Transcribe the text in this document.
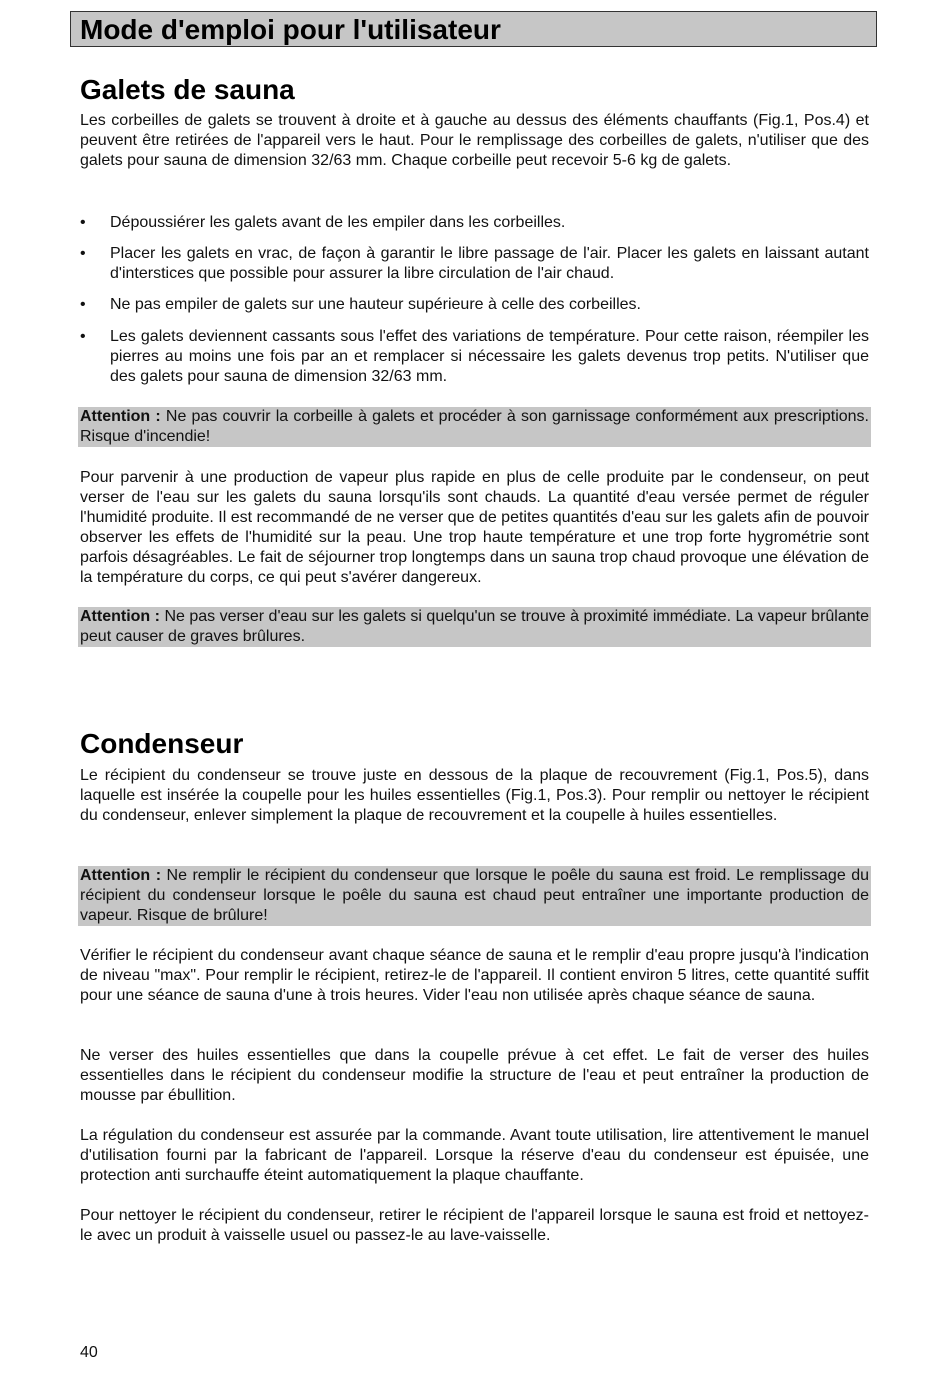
Mode d'emploi pour l'utilisateur
Galets de sauna

Les corbeilles de galets se trouvent à droite et à gauche au dessus des éléments chauffants (Fig.1, Pos.4) et peuvent être retirées de l'appareil vers le haut. Pour le remplissage des corbeilles de galets, n'utiliser que des galets pour sauna de dimension 32/63 mm. Chaque corbeille peut recevoir 5-6 kg de galets.

•	Dépoussiérer les galets avant de les empiler dans les corbeilles.
•	Placer les galets en vrac, de façon à garantir le libre passage de l'air. Placer les galets en laissant autant d'interstices que possible pour assurer la libre circulation de l'air chaud.
•	Ne pas empiler de galets sur une hauteur supérieure à celle des corbeilles.
•	Les galets deviennent cassants sous l'effet des variations de température. Pour cette raison, réempiler les pierres au moins une fois par an et remplacer si nécessaire les galets devenus trop petits. N'utiliser que des galets pour sauna de dimension 32/63 mm.
Attention : Ne pas couvrir la corbeille à galets et procéder à son garnissage conformément aux prescriptions. Risque d'incendie!

Pour parvenir à une production de vapeur plus rapide en plus de celle produite par le condenseur, on peut verser de l'eau sur les galets du sauna lorsqu'ils sont chauds. La quantité d'eau versée permet de réguler l'humidité produite. Il est recommandé de ne verser que de petites quantités d'eau sur les galets afin de pouvoir observer les effets de l'humidité sur la peau. Une trop haute température et une trop forte hygrométrie sont parfois désagréables. Le fait de séjourner trop longtemps dans un sauna trop chaud provoque une élévation de la température du corps, ce qui peut s'avérer dangereux.

Attention : Ne pas verser d'eau sur les galets si quelqu'un se trouve à proximité immédiate. La vapeur brûlante peut causer de graves brûlures.
Condenseur

Le récipient du condenseur se trouve juste en dessous de la plaque de recouvrement (Fig.1, Pos.5), dans laquelle est insérée la coupelle pour les huiles essentielles (Fig.1, Pos.3). Pour remplir ou nettoyer le récipient du condenseur, enlever simplement la plaque de recouvrement et la coupelle à huiles essentielles.

Attention : Ne remplir le récipient du condenseur que lorsque le poêle du sauna est froid. Le remplissage du récipient du condenseur lorsque le poêle du sauna est chaud peut entraîner une importante production de vapeur. Risque de brûlure!

Vérifier le récipient du condenseur avant chaque séance de sauna et le remplir d'eau propre jusqu'à l'indication de niveau "max". Pour remplir le récipient, retirez-le de l'appareil. Il contient environ 5 litres, cette quantité suffit pour une séance de sauna d'une à trois heures. Vider l'eau non utilisée après chaque séance de sauna.

Ne verser des huiles essentielles que dans la coupelle prévue à cet effet. Le fait de verser des huiles essentielles dans le récipient du condenseur modifie la structure de l'eau et peut entraîner la production de mousse par ébullition.

La régulation du condenseur est assurée par la commande. Avant toute utilisation, lire attentivement le manuel d'utilisation fourni par la fabricant de l'appareil. Lorsque la réserve d'eau du condenseur est épuisée, une protection anti surchauffe éteint automatiquement la plaque chauffante.

Pour nettoyer le récipient du condenseur, retirer le récipient de l'appareil lorsque le sauna est froid et nettoyez-le avec un produit à vaisselle usuel ou passez-le au lave-vaisselle.

40
